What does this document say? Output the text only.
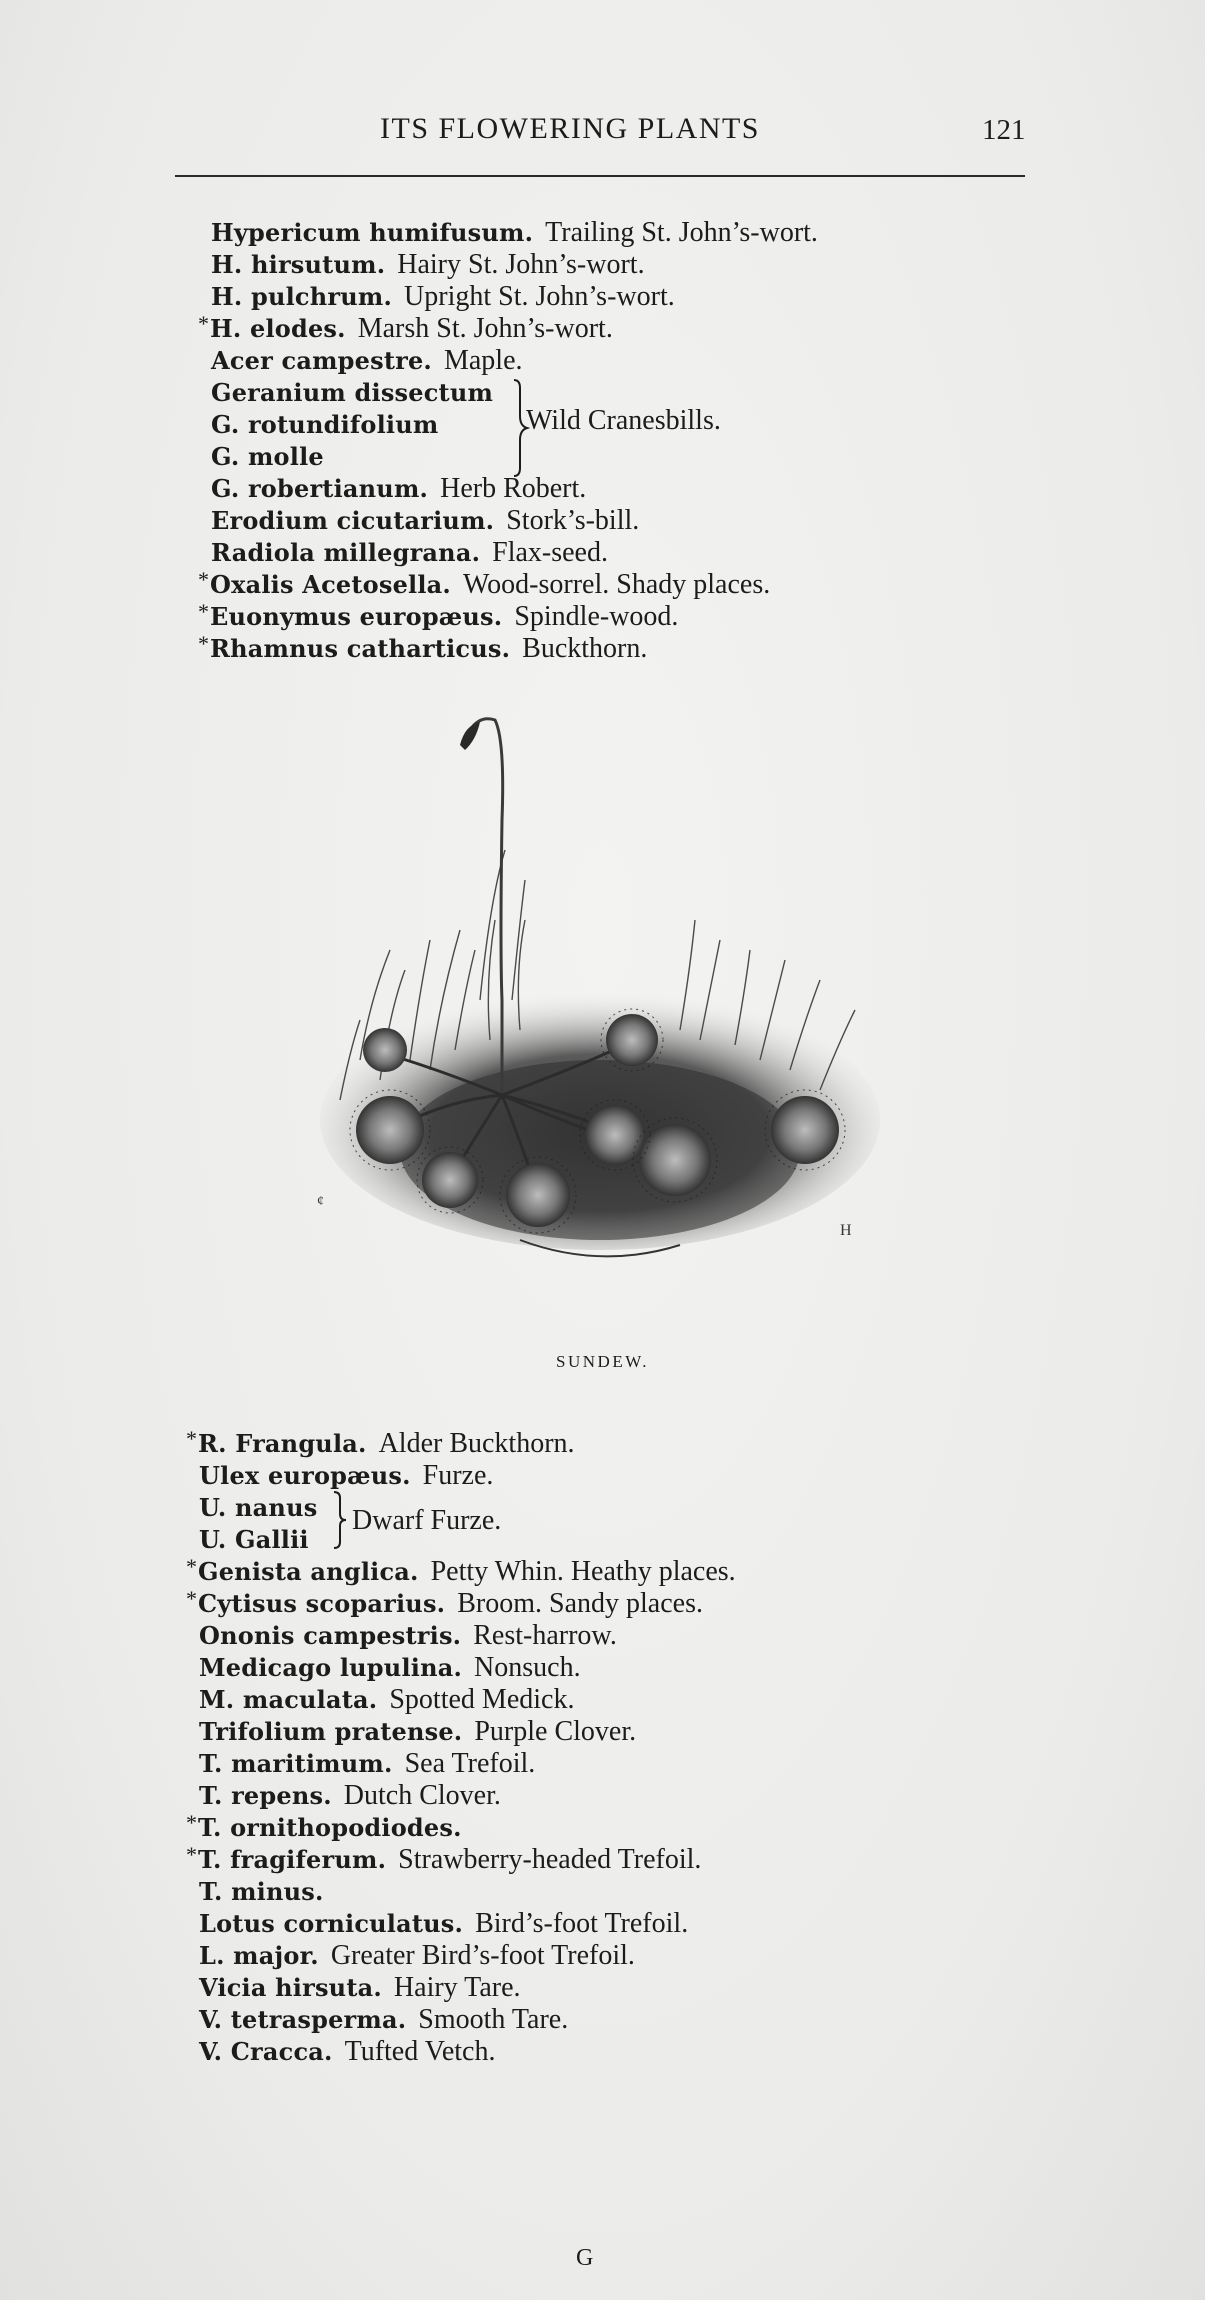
ITS FLOWERING PLANTS	121
Hypericum humifusum. Trailing St. John’s-wort.
H. hirsutum. Hairy St. John’s-wort.
H. pulchrum. Upright St. John’s-wort.
*H. elodes. Marsh St. John’s-wort.
Acer campestre. Maple.
Geranium dissectum
G. rotundifolium
G. molle
G. robertianum. Herb Robert.
Erodium cicutarium. Stork’s-bill.
Radiola millegrana. Flax-seed.
*Oxalis Acetosella. Wood-sorrel. Shady places.
*Euonymus europæus. Spindle-wood.
*Rhamnus catharticus. Buckthorn.
Wild Cranesbills.
ȼ
H
SUNDEW.
*R. Frangula. Alder Buckthorn.
Ulex europæus. Furze.
U. nanus
U. Gallii
*Genista anglica. Petty Whin. Heathy places.
*Cytisus scoparius. Broom. Sandy places.
Ononis campestris. Rest-harrow.
Medicago lupulina. Nonsuch.
M. maculata. Spotted Medick.
Trifolium pratense. Purple Clover.
T. maritimum. Sea Trefoil.
T. repens. Dutch Clover.
*T. ornithopodiodes.
*T. fragiferum. Strawberry-headed Trefoil.
T. minus.
Lotus corniculatus. Bird’s-foot Trefoil.
L. major. Greater Bird’s-foot Trefoil.
Vicia hirsuta. Hairy Tare.
V. tetrasperma. Smooth Tare.
V. Cracca. Tufted Vetch.
Dwarf Furze.
G
